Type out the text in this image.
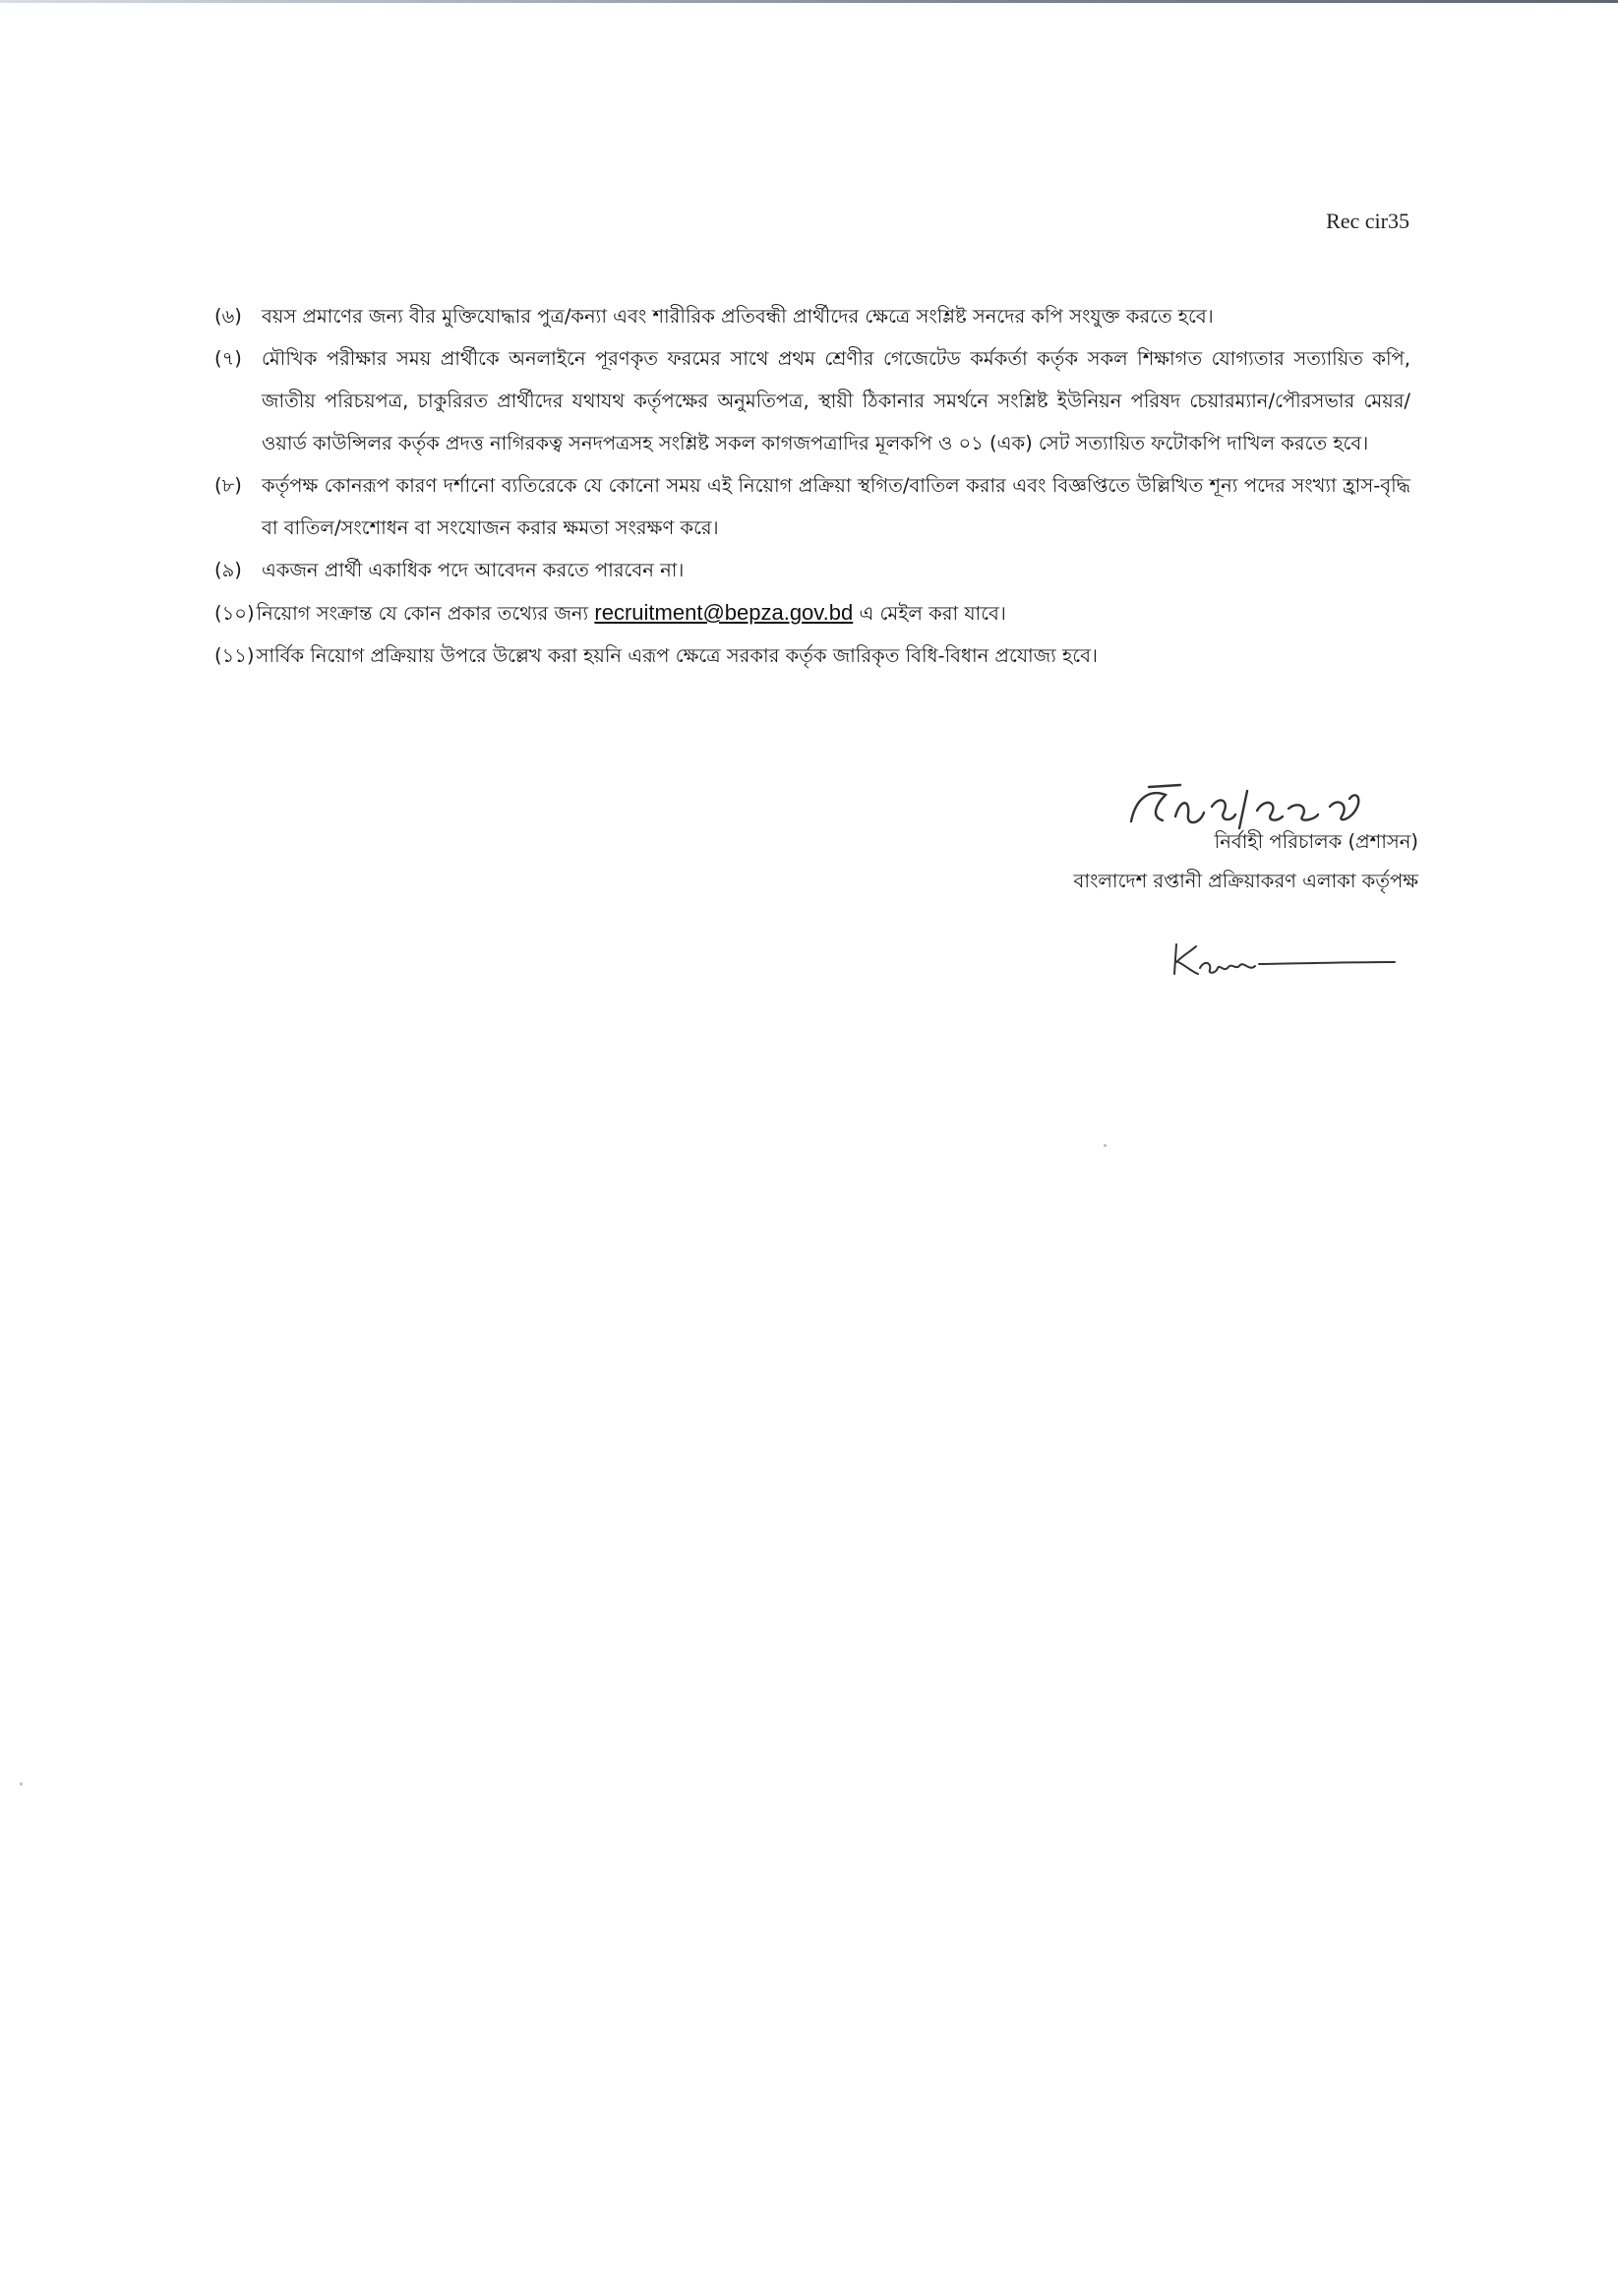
Rec cir35
(৬) বয়স প্রমাণের জন্য বীর মুক্তিযোদ্ধার পুত্র/কন্যা এবং শারীরিক প্রতিবন্ধী প্রার্থীদের ক্ষেত্রে সংশ্লিষ্ট সনদের কপি সংযুক্ত করতে হবে।
(৭) মৌখিক পরীক্ষার সময় প্রার্থীকে অনলাইনে পূরণকৃত ফরমের সাথে প্রথম শ্রেণীর গেজেটেড কর্মকর্তা কর্তৃক সকল শিক্ষাগত যোগ্যতার সত্যায়িত কপি, জাতীয় পরিচয়পত্র, চাকুরিরত প্রার্থীদের যথাযথ কর্তৃপক্ষের অনুমতিপত্র, স্থায়ী ঠিকানার সমর্থনে সংশ্লিষ্ট ইউনিয়ন পরিষদ চেয়ারম্যান/পৌরসভার মেয়র/ওয়ার্ড কাউন্সিলর কর্তৃক প্রদত্ত নাগিরকত্ব সনদপত্রসহ সংশ্লিষ্ট সকল কাগজপত্রাদির মূলকপি ও ০১ (এক) সেট সত্যায়িত ফটোকপি দাখিল করতে হবে।
(৮) কর্তৃপক্ষ কোনরূপ কারণ দর্শানো ব্যতিরেকে যে কোনো সময় এই নিয়োগ প্রক্রিয়া স্থগিত/বাতিল করার এবং বিজ্ঞপ্তিতে উল্লিখিত শূন্য পদের সংখ্যা হ্রাস-বৃদ্ধি বা বাতিল/সংশোধন বা সংযোজন করার ক্ষমতা সংরক্ষণ করে।
(৯) একজন প্রার্থী একাধিক পদে আবেদন করতে পারবেন না।
(১০) নিয়োগ সংক্রান্ত যে কোন প্রকার তথ্যের জন্য recruitment@bepza.gov.bd এ মেইল করা যাবে।
(১১) সার্বিক নিয়োগ প্রক্রিয়ায় উপরে উল্লেখ করা হয়নি এরূপ ক্ষেত্রে সরকার কর্তৃক জারিকৃত বিধি-বিধান প্রযোজ্য হবে।
নির্বাহী পরিচালক (প্রশাসন)
বাংলাদেশ রপ্তানী প্রক্রিয়াকরণ এলাকা কর্তৃপক্ষ
